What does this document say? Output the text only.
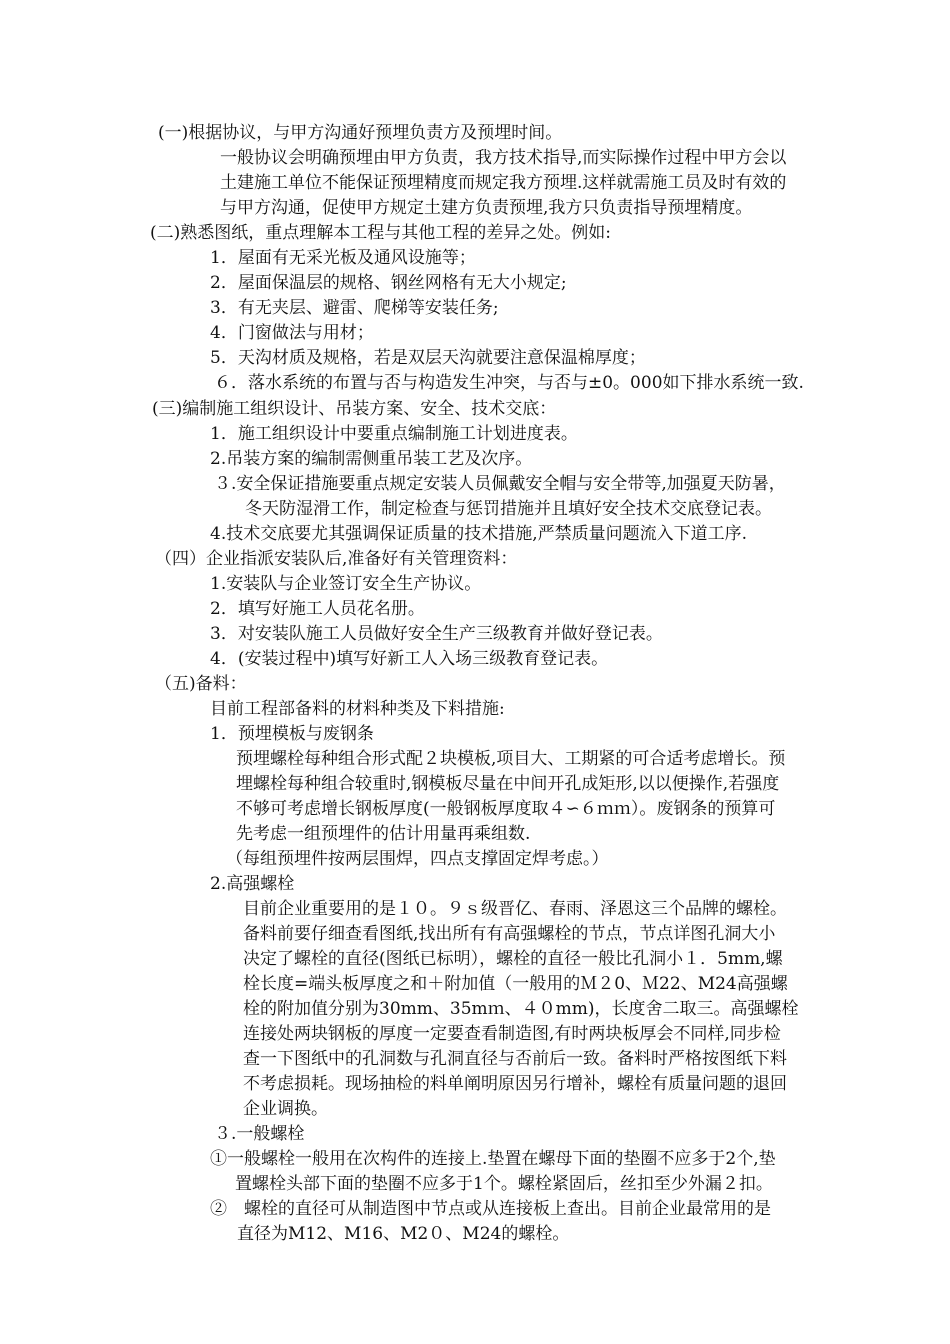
(一)根据协议，与甲方沟通好预埋负责方及预埋时间。

一般协议会明确预埋由甲方负责，我方技术指导,而实际操作过程中甲方会以

土建施工单位不能保证预埋精度而规定我方预埋.这样就需施工员及时有效的

与甲方沟通，促使甲方规定土建方负责预埋,我方只负责指导预埋精度。

(二)熟悉图纸，重点理解本工程与其他工程的差异之处。例如:

1．屋面有无采光板及通风设施等；

2．屋面保温层的规格、钢丝网格有无大小规定;

3．有无夹层、避雷、爬梯等安装任务;

4．门窗做法与用材；

5．天沟材质及规格，若是双层天沟就要注意保温棉厚度；

６．落水系统的布置与否与构造发生冲突，与否与±0。000如下排水系统一致.

(三)编制施工组织设计、吊装方案、安全、技术交底：

1．施工组织设计中要重点编制施工计划进度表。

2.吊装方案的编制需侧重吊装工艺及次序。

３.安全保证措施要重点规定安装人员佩戴安全帽与安全带等,加强夏天防暑，

冬天防湿滑工作，制定检查与惩罚措施并且填好安全技术交底登记表。

4.技术交底要尤其强调保证质量的技术措施,严禁质量问题流入下道工序.

（四）企业指派安装队后,准备好有关管理资料：

1.安装队与企业签订安全生产协议。

2．填写好施工人员花名册。

3．对安装队施工人员做好安全生产三级教育并做好登记表。

4．(安装过程中)填写好新工人入场三级教育登记表。

（五)备料：

目前工程部备料的材料种类及下料措施:

1．预埋模板与废钢条

预埋螺栓每种组合形式配２块模板,项目大、工期紧的可合适考虑增长。预

埋螺栓每种组合较重时,钢模板尽量在中间开孔成矩形,以以便操作,若强度

不够可考虑增长钢板厚度(一般钢板厚度取４∽６ｍｍ）。废钢条的预算可

先考虑一组预埋件的估计用量再乘组数.

（每组预埋件按两层围焊，四点支撑固定焊考虑。）

2.高强螺栓

目前企业重要用的是１０。９ｓ级晋亿、春雨、泽恩这三个品牌的螺栓。

备料前要仔细查看图纸,找出所有有高强螺栓的节点，节点详图孔洞大小

决定了螺栓的直径(图纸已标明），螺栓的直径一般比孔洞小１．5mm,螺

栓长度=端头板厚度之和＋附加值（一般用的Ｍ２0、Ｍ22、M24高强螺

栓的附加值分别为30mm、35mｍ、４０mm)，长度舍二取三。高强螺栓

连接处两块钢板的厚度一定要查看制造图,有时两块板厚会不同样,同步检

查一下图纸中的孔洞数与孔洞直径与否前后一致。备料时严格按图纸下料

不考虑损耗。现场抽检的料单阐明原因另行增补，螺栓有质量问题的退回

企业调换。

３.一般螺栓

①一般螺栓一般用在次构件的连接上.垫置在螺母下面的垫圈不应多于2个,垫

置螺栓头部下面的垫圈不应多于1个。螺栓紧固后，丝扣至少外漏２扣。

②　螺栓的直径可从制造图中节点或从连接板上查出。目前企业最常用的是

直径为M12、M16、M2０、M24的螺栓。
